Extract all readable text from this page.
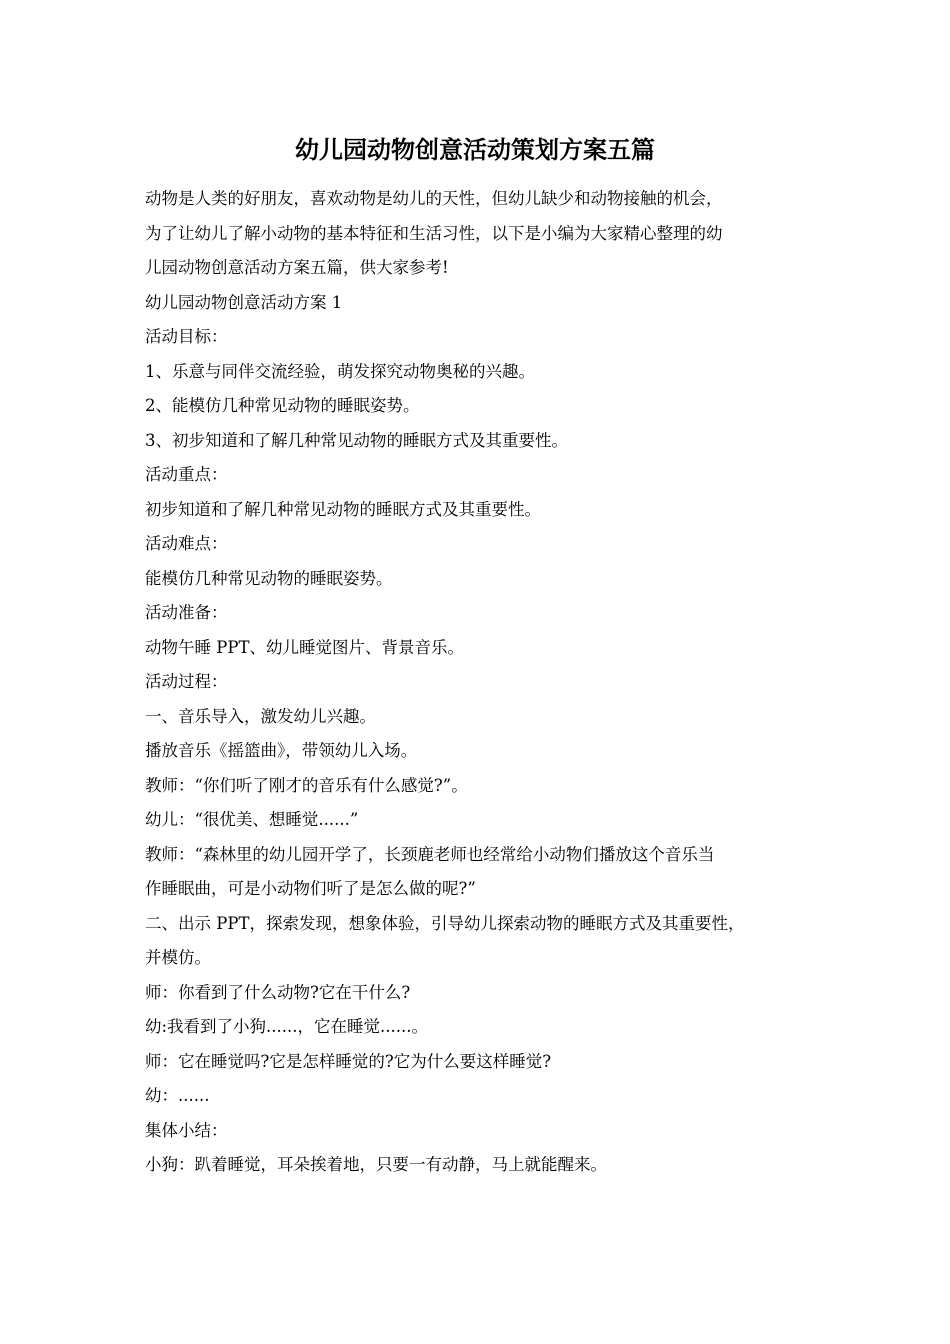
幼儿园动物创意活动策划方案五篇

动物是人类的好朋友，喜欢动物是幼儿的天性，但幼儿缺少和动物接触的机会，

为了让幼儿了解小动物的基本特征和生活习性，以下是小编为大家精心整理的幼

儿园动物创意活动方案五篇，供大家参考!

幼儿园动物创意活动方案 1

活动目标：

1、乐意与同伴交流经验，萌发探究动物奥秘的兴趣。

2、能模仿几种常见动物的睡眠姿势。

3、初步知道和了解几种常见动物的睡眠方式及其重要性。

活动重点：

初步知道和了解几种常见动物的睡眠方式及其重要性。

活动难点：

能模仿几种常见动物的睡眠姿势。

活动准备：

动物午睡 PPT、幼儿睡觉图片、背景音乐。

活动过程：

一、音乐导入，激发幼儿兴趣。

播放音乐《摇篮曲》，带领幼儿入场。

教师：“你们听了刚才的音乐有什么感觉?”。

幼儿：“很优美、想睡觉......”

教师：“森林里的幼儿园开学了，长颈鹿老师也经常给小动物们播放这个音乐当

作睡眠曲，可是小动物们听了是怎么做的呢?”

二、出示 PPT，探索发现，想象体验，引导幼儿探索动物的睡眠方式及其重要性，

并模仿。

师：你看到了什么动物?它在干什么?

幼:我看到了小狗......，它在睡觉......。

师：它在睡觉吗?它是怎样睡觉的?它为什么要这样睡觉?

幼：......

集体小结：

小狗：趴着睡觉，耳朵挨着地，只要一有动静，马上就能醒来。
